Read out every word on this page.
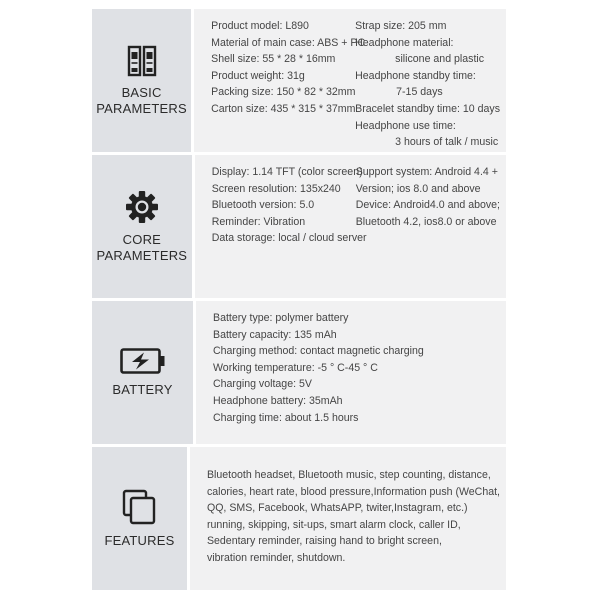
BASIC
PARAMETERS
Product model: L890
Material of main case: ABS + PC
Shell size: 55 * 28 * 16mm
Product weight: 31g
Packing size: 150 * 82 * 32mm
Carton size: 435 * 315 * 37mm
Strap size: 205 mm
Headphone material:
silicone and plastic
Headphone standby time:
7-15 days
Bracelet standby time: 10 days
Headphone use time:
3 hours of talk / music
CORE
PARAMETERS
Display: 1.14 TFT (color screen)
Screen resolution: 135x240
Bluetooth version: 5.0
Reminder: Vibration
Data storage: local / cloud server
Support system: Android 4.4 +
Version; ios 8.0 and above
Device: Android4.0 and above;
Bluetooth 4.2, ios8.0 or above
BATTERY
Battery type: polymer battery
Battery capacity: 135 mAh
Charging method: contact magnetic charging
Working temperature: -5 ° C-45 ° C
Charging voltage: 5V
Headphone battery: 35mAh
Charging time: about 1.5 hours
FEATURES
Bluetooth headset, Bluetooth music, step counting, distance,
calories, heart rate, blood pressure,Information push (WeChat,
QQ, SMS, Facebook, WhatsAPP, twiter,Instagram, etc.)
running, skipping, sit-ups, smart alarm clock, caller ID,
Sedentary reminder, raising hand to bright screen,
vibration reminder, shutdown.
